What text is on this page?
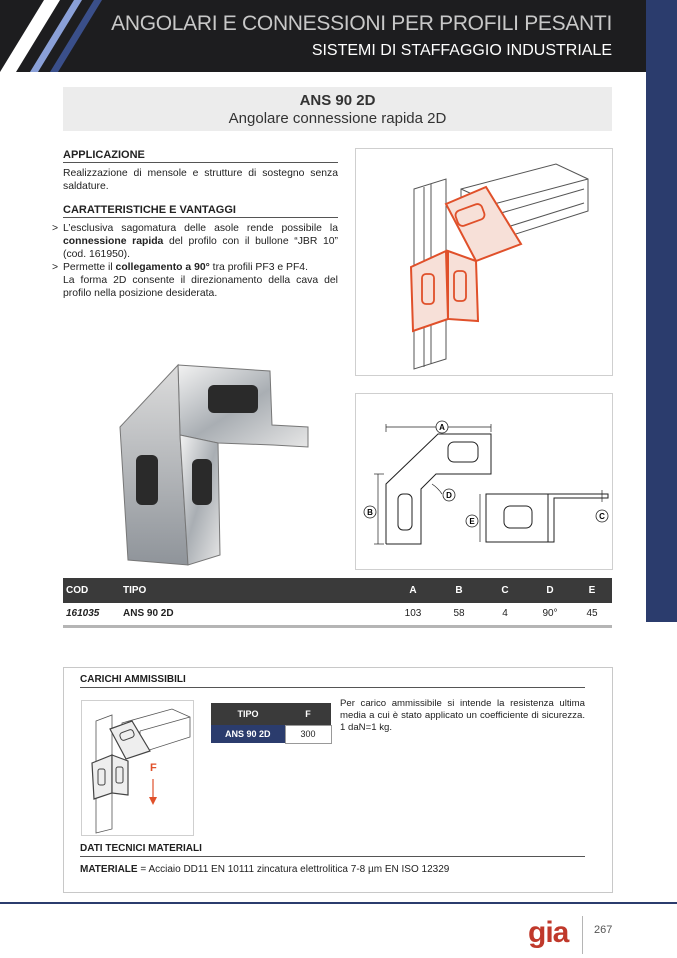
ANGOLARI E CONNESSIONI PER PROFILI PESANTI
SISTEMI DI STAFFAGGIO INDUSTRIALE
ANS 90 2D
Angolare connessione rapida 2D
APPLICAZIONE
Realizzazione di mensole e strutture di sostegno senza saldature.
CARATTERISTICHE E VANTAGGI
> L’esclusiva sagomatura delle asole rende possibile la connessione rapida del profilo con il bullone “JBR 10” (cod. 161950).
> Permette il collegamento a 90° tra profili PF3 e PF4.
La forma 2D consente il direzionamento della cava del profilo nella posizione desiderata.
A
B
D
E
C
COD	TIPO	A	B	C	D	E
161035	ANS 90 2D	103	58	4	90°	45
CARICHI AMMISSIBILI
F
TIPO	F
ANS 90 2D	300
Per carico ammissibile si intende la resistenza ultima media a cui è stato applicato un coefficiente di sicurezza. 1 daN=1 kg.
DATI TECNICI MATERIALI
MATERIALE = Acciaio DD11 EN 10111 zincatura elettrolitica 7-8 µm EN ISO 12329
gia 267
